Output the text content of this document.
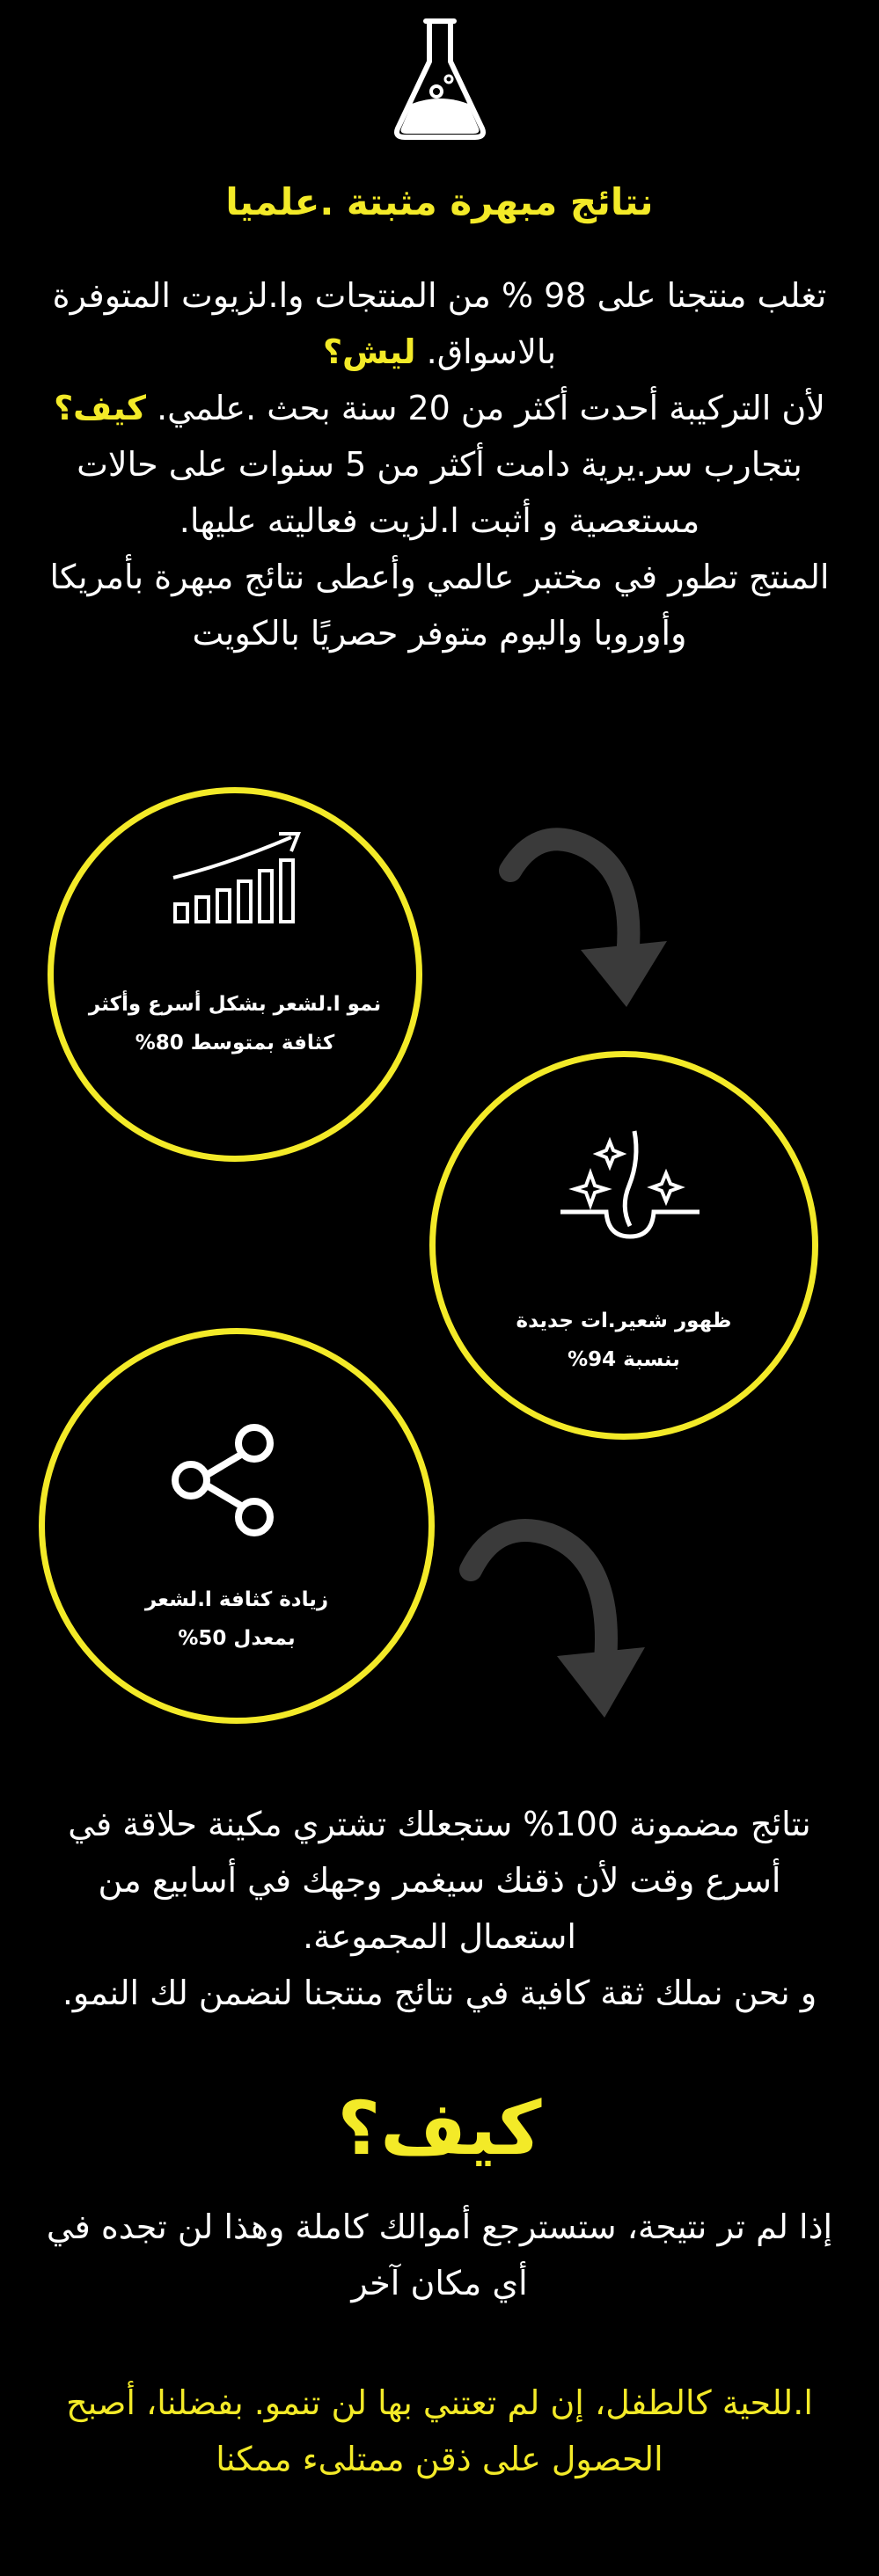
نتائج مبهرة مثبتة .علميا
تغلب منتجنا على 98 % من المنتجات وا.لزيوت المتوفرة
بالاسواق. ليش؟
لأن التركيبة أحدت أكثر من 20 سنة بحث .علمي. كيف؟
بتجارب سر.يرية دامت أكثر من 5 سنوات على حالات
مستعصية و أثبت ا.لزيت فعاليته عليها.
المنتج تطور في مختبر عالمي وأعطى نتائج مبهرة بأمريكا
وأوروبا واليوم متوفر حصريًا بالكويت
نمو ا.لشعر بشكل أسرع وأكثر
كثافة بمتوسط 80%
ظهور شعير.ات جديدة
بنسبة 94%
زيادة كثافة ا.لشعر
بمعدل 50%
نتائج مضمونة 100% ستجعلك تشتري مكينة حلاقة في
أسرع وقت لأن ذقنك سيغمر وجهك في أسابيع من
استعمال المجموعة.
و نحن نملك ثقة كافية في نتائج منتجنا لنضمن لك النمو.
كيف؟
إذا لم تر نتيجة، ستسترجع أموالك كاملة وهذا لن تجده في
أي مكان آخر
ا.للحية كالطفل، إن لم تعتني بها لن تنمو. بفضلنا، أصبح
الحصول على ذقن ممتلىء ممكنا
